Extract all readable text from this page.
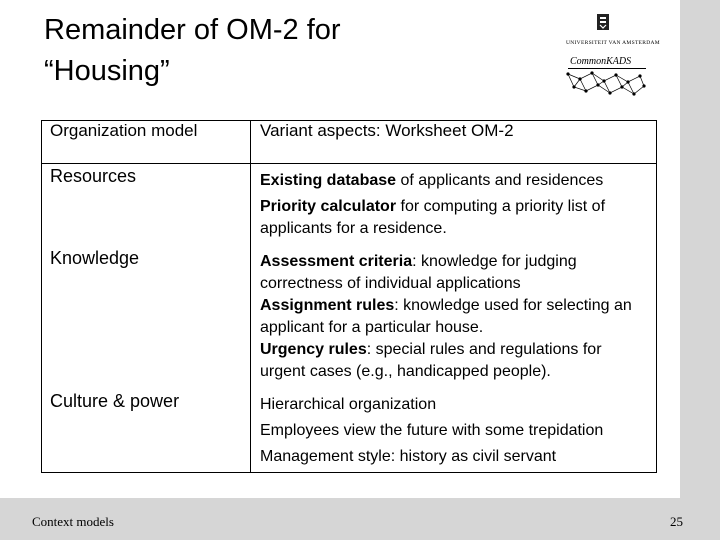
Remainder of OM-2 for
“Housing”
UNIVERSITEIT VAN AMSTERDAM
CommonKADS
Organization model	Variant aspects: Worksheet OM-2
Resources	Existing database of applicants and residences

Priority calculator for computing a priority list of applicants for a residence.

Knowledge	Assessment criteria: knowledge for judging correctness of individual applications

Assignment rules: knowledge used for selecting an applicant for a particular house.

Urgency rules: special rules and regulations for urgent cases (e.g., handicapped people).

Culture & power	Hierarchical organization

Employees view the future with some trepidation

Management style: history as civil servant

Context models	25
